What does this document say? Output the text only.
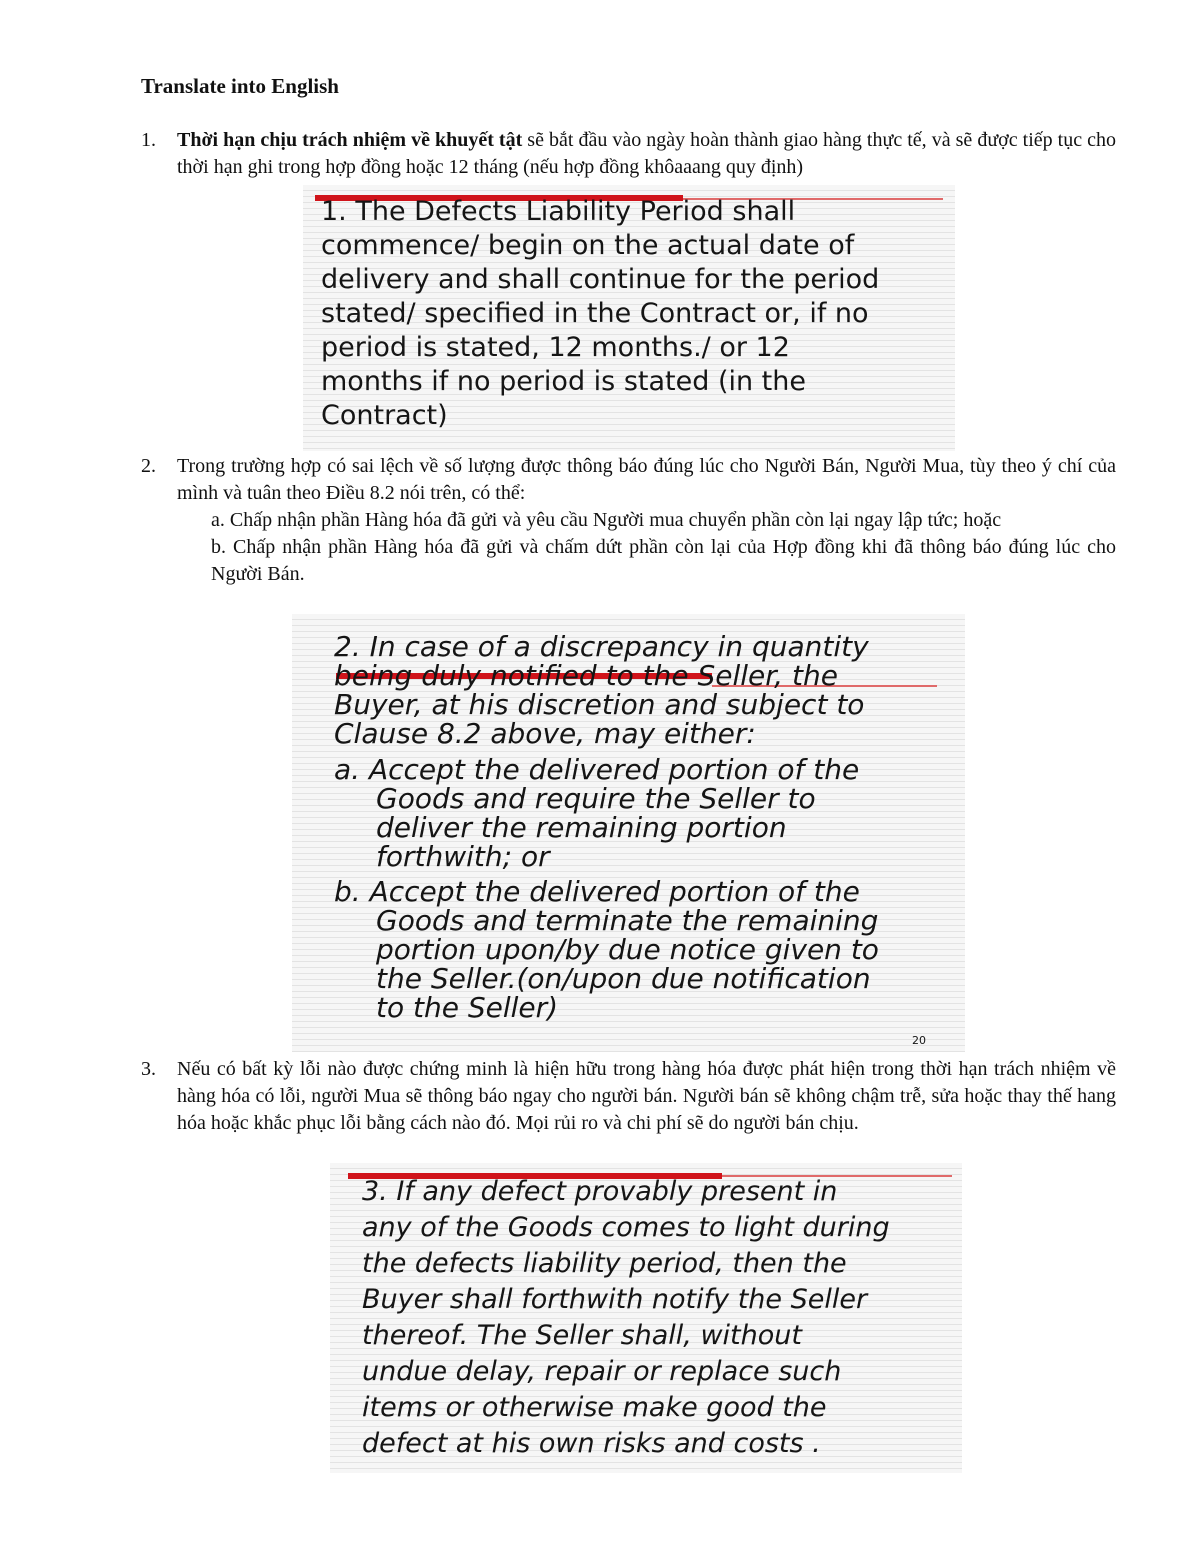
Translate into English
1. Thời hạn chịu trách nhiệm về khuyết tật sẽ bắt đầu vào ngày hoàn thành giao hàng thực tế, và sẽ được tiếp tục cho thời hạn ghi trong hợp đồng hoặc 12 tháng (nếu hợp đồng khôaaang quy định)
1. The Defects Liability Period shall
commence/ begin on the actual date of
delivery and shall continue for the period
stated/ specified in the Contract or, if no
period is stated, 12 months./ or 12
months if no period is stated (in the
Contract)
2. Trong trường hợp có sai lệch về số lượng được thông báo đúng lúc cho Người Bán, Người Mua, tùy theo ý chí của mình và tuân theo Điều 8.2 nói trên, có thể:
a. Chấp nhận phần Hàng hóa đã gửi và yêu cầu Người mua chuyển phần còn lại ngay lập tức; hoặc
b. Chấp nhận phần Hàng hóa đã gửi và chấm dứt phần còn lại của Hợp đồng khi đã thông báo đúng lúc cho Người Bán.
2. In case of a discrepancy in quantity
being duly notified to the Seller, the
Buyer, at his discretion and subject to
Clause 8.2 above, may either:
a. Accept the delivered portion of the
Goods and require the Seller to
deliver the remaining portion
forthwith; or
b. Accept the delivered portion of the
Goods and terminate the remaining
portion upon/by due notice given to
the Seller.(on/upon due notification
to the Seller)
20
3. Nếu có bất kỳ lỗi nào được chứng minh là hiện hữu trong hàng hóa được phát hiện trong thời hạn trách nhiệm về hàng hóa có lỗi, người Mua sẽ thông báo ngay cho người bán. Người bán sẽ không chậm trễ, sửa hoặc thay thế hang hóa hoặc khắc phục lỗi bằng cách nào đó. Mọi rủi ro và chi phí sẽ do người bán chịu.
3. If any defect provably present in
any of the Goods comes to light during
the defects liability period, then the
Buyer shall forthwith notify the Seller
thereof. The Seller shall, without
undue delay, repair or replace such
items or otherwise make good the
defect at his own risks and costs .
